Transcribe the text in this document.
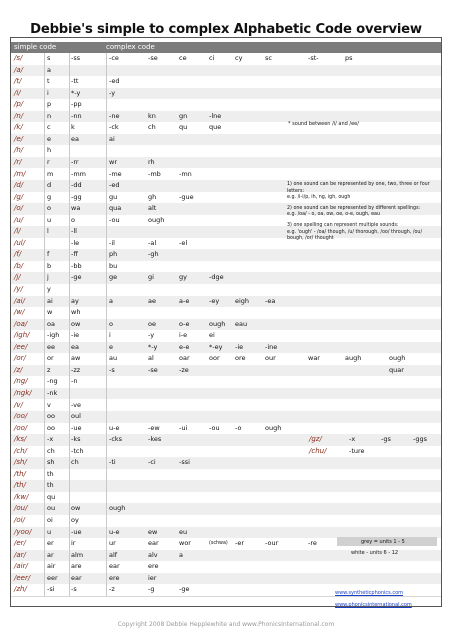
Debbie's simple to complex Alphabetic Code overview
simple code	complex code
/s/	s	-ss	-ce	-se	ce	ci	cy	sc	-st-	ps
/a/	a
/t/	t	-tt	-ed
/i/	i	*-y	-y
/p/	p	-pp
/n/	n	-nn	-ne	kn	gn	-lne
/k/	c	k	-ck	ch	qu	que
/e/	e	ea	ai
/h/	h
/r/	r	-rr	wr	rh
/m/	m	-mm	-me	-mb	-mn
/d/	d	-dd	-ed
/g/	g	-gg	gu	gh	-gue
/o/	o	wa	qua	alt
/u/	u	o	-ou	ough
/l/	l	-ll
/ul/	-le	-il	-al	-el
/f/	f	-ff	ph	-gh
/b/	b	-bb	bu
/j/	j	-ge	ge	gi	gy	-dge
/y/	y
/ai/	ai	ay	a	ae	a-e	-ey eigh -ea
/w/	w	wh
/oa/	oa ow	o	oe	o-e	ough eau
/igh/	-igh -ie	i	-y	i-e	ei
/ee/	ee ea	e	*-y	e-e	*-ey -ie	-ine
/or/	or	aw	au	al	oar	oor ore	our	war	augh	ough
/z/	z	-zz	-s	-se	-ze	quar
/ng/	-ng -n
/ngk/	-nk
/v/	v	-ve
/oo/	oo oul
/oo/	oo -ue	u-e	-ew	-ui	-ou -o	ough
/ks/	-x	-ks	-cks	-kes
/ch/	ch	-tch
/sh/	sh	ch	-ti	-ci	-ssi
/th/	th
/th/	th
/kw/	qu
/ou/	ou ow	ough
/oi/	oi	oy
/yoo/	u	-ue	u-e	ew	eu
/er/	er	ir	ur	ear	wor	(schwa) -er	-our	-re
/ar/	ar	alm	alf	alv	a
/air/	air are	ear	ere
/eer/	eer ear	ere	ier
/zh/	-si	-s	-z	-g	-ge
/gz/	-x	-gs	-ggs
/chu/	-ture
* sound between /i/ and /ee/
1) one sound can be represented by one, two, three or four letters:
e.g. /i-i/p, ih, ng, igh, ough
2) one sound can be represented by different spellings:
e.g. /oa/ - o, oa, ow, oe, o-e, ough, eau
3) one spelling can represent multiple sounds:
e.g. 'ough' - /oa/ though, /u/ thorough, /oo/ through, /ou/ bough, /or/ thought
grey = units 1 - 5
white - units 6 - 12
www.syntheticphonics.com
www.phonicsinternational.com
Copyright 2008 Debbie Hepplewhite and www.PhonicsInternational.com
